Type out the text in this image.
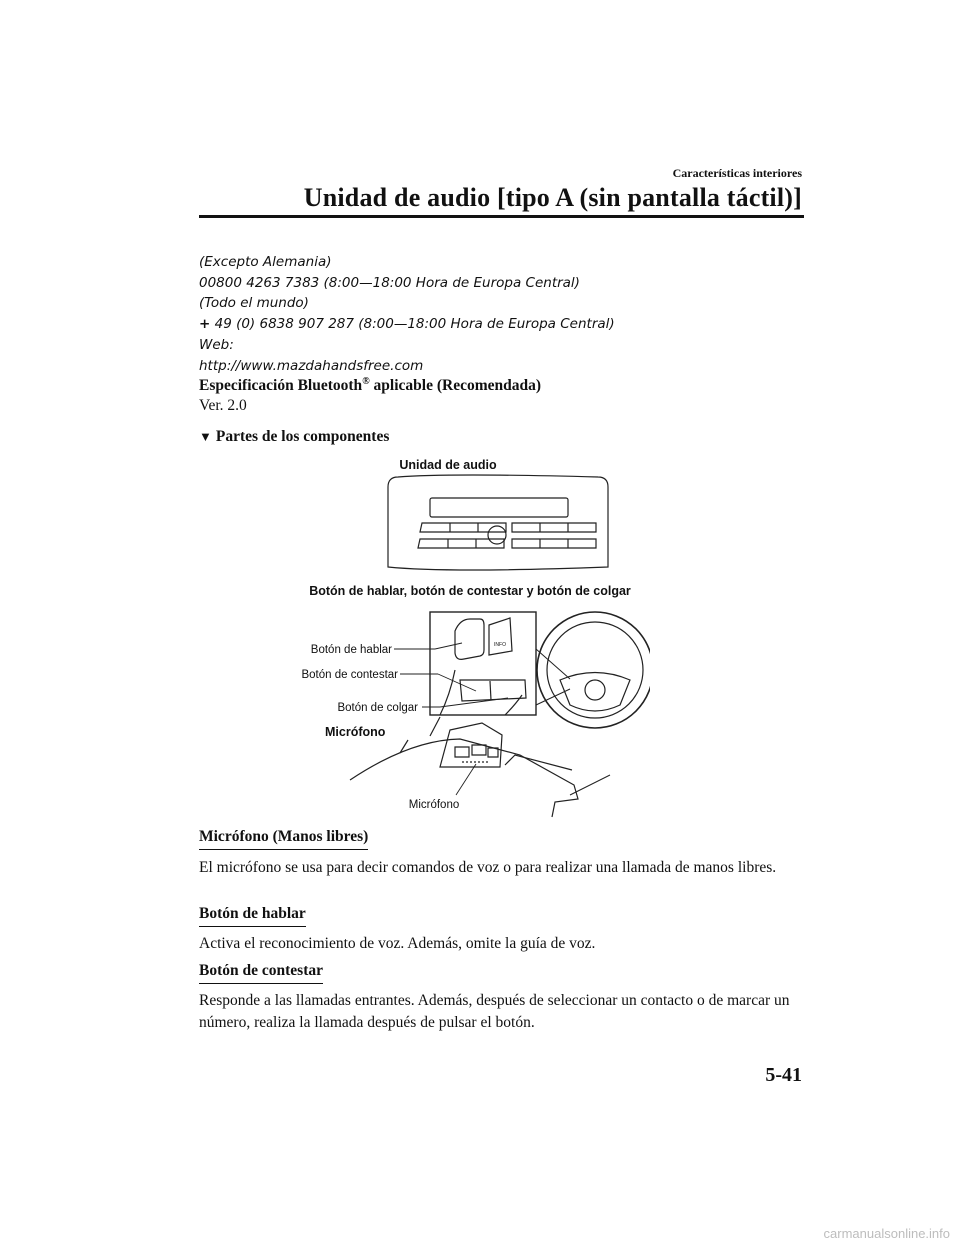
Características interiores
Unidad de audio [tipo A (sin pantalla táctil)]
(Excepto Alemania)
00800 4263 7383 (8:00—18:00 Hora de Europa Central)
(Todo el mundo)
+ 49 (0) 6838 907 287 (8:00—18:00 Hora de Europa Central)
Web:
http://www.mazdahandsfree.com
Especificación Bluetooth® aplicable (Recomendada)
Ver. 2.0
▼ Partes de los componentes
Unidad de audio
Botón de hablar, botón de contestar y botón de colgar
INFO
Botón de hablar
Botón de contestar
Botón de colgar
Micrófono
Micrófono
Micrófono (Manos libres)
El micrófono se usa para decir comandos de voz o para realizar una llamada de manos libres.
Botón de hablar
Activa el reconocimiento de voz. Además, omite la guía de voz.
Botón de contestar
Responde a las llamadas entrantes. Además, después de seleccionar un contacto o de marcar un número, realiza la llamada después de pulsar el botón.
5-41
carmanualsonline.info
